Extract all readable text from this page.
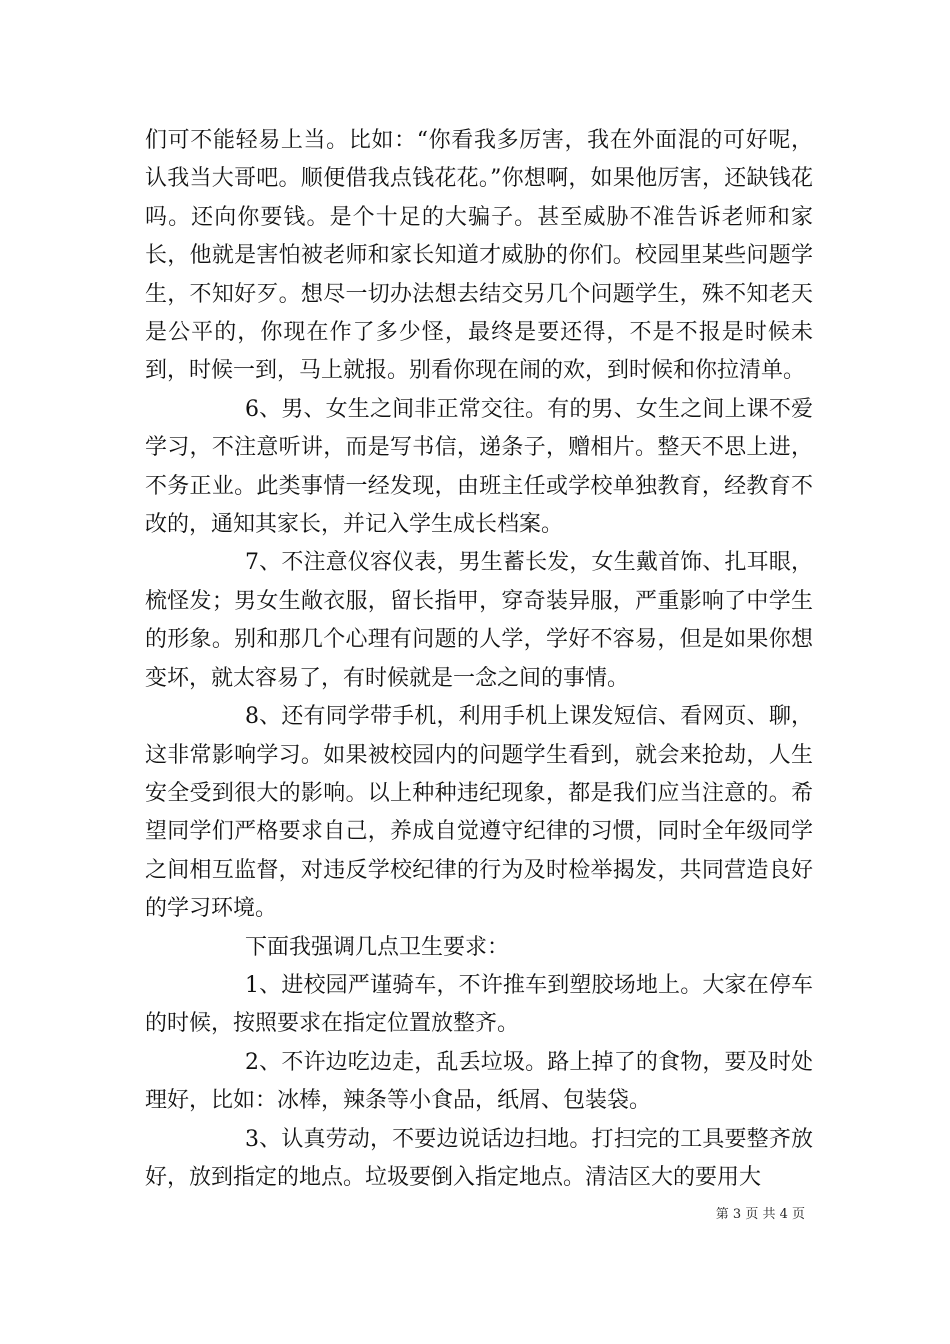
们可不能轻易上当。比如：“你看我多厉害，我在外面混的可好呢，认我当大哥吧。顺便借我点钱花花。”你想啊，如果他厉害，还缺钱花吗。还向你要钱。是个十足的大骗子。甚至威胁不准告诉老师和家长，他就是害怕被老师和家长知道才威胁的你们。校园里某些问题学生，不知好歹。想尽一切办法想去结交另几个问题学生，殊不知老天是公平的，你现在作了多少怪，最终是要还得，不是不报是时候未到，时候一到，马上就报。别看你现在闹的欢，到时候和你拉清单。

6、男、女生之间非正常交往。有的男、女生之间上课不爱学习，不注意听讲，而是写书信，递条子，赠相片。整天不思上进，不务正业。此类事情一经发现，由班主任或学校单独教育，经教育不改的，通知其家长，并记入学生成长档案。

7、不注意仪容仪表，男生蓄长发，女生戴首饰、扎耳眼，梳怪发；男女生敞衣服，留长指甲，穿奇装异服，严重影响了中学生的形象。别和那几个心理有问题的人学，学好不容易，但是如果你想变坏，就太容易了，有时候就是一念之间的事情。

8、还有同学带手机，利用手机上课发短信、看网页、聊，这非常影响学习。如果被校园内的问题学生看到，就会来抢劫，人生安全受到很大的影响。以上种种违纪现象，都是我们应当注意的。希望同学们严格要求自己，养成自觉遵守纪律的习惯，同时全年级同学之间相互监督，对违反学校纪律的行为及时检举揭发，共同营造良好的学习环境。

下面我强调几点卫生要求：

1、进校园严谨骑车，不许推车到塑胶场地上。大家在停车的时候，按照要求在指定位置放整齐。

2、不许边吃边走，乱丢垃圾。路上掉了的食物，要及时处理好，比如：冰棒，辣条等小食品，纸屑、包装袋。

3、认真劳动，不要边说话边扫地。打扫完的工具要整齐放好，放到指定的地点。垃圾要倒入指定地点。清洁区大的要用大

第 3 页 共 4 页
